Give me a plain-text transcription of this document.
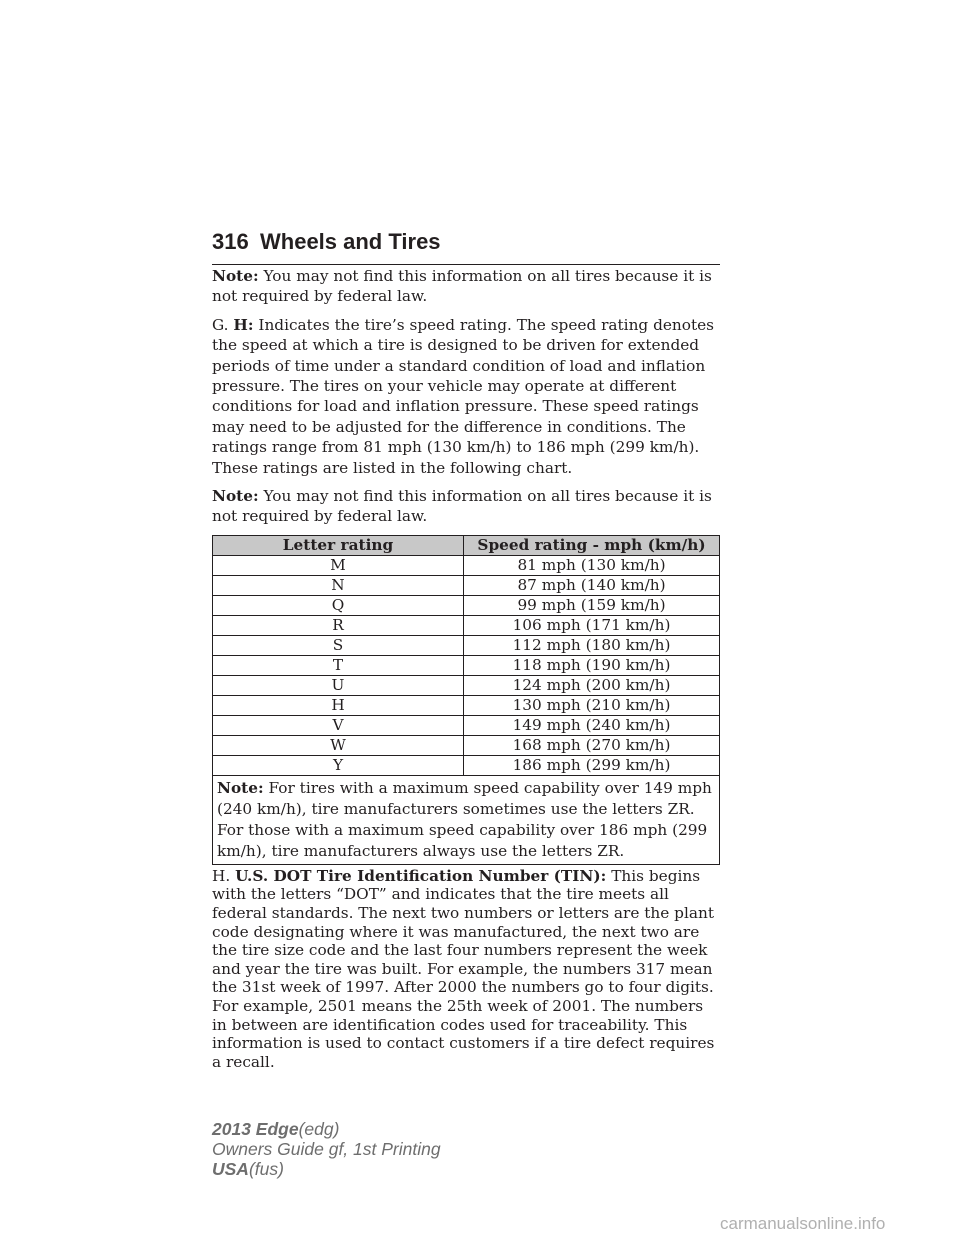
316 Wheels and Tires

Note: You may not find this information on all tires because it is not required by federal law.

G. H: Indicates the tire’s speed rating. The speed rating denotes the speed at which a tire is designed to be driven for extended periods of time under a standard condition of load and inflation pressure. The tires on your vehicle may operate at different conditions for load and inflation pressure. These speed ratings may need to be adjusted for the difference in conditions. The ratings range from 81 mph (130 km/h) to 186 mph (299 km/h). These ratings are listed in the following chart.

Note: You may not find this information on all tires because it is not required by federal law.

Letter rating	Speed rating - mph (km/h)
M	81 mph (130 km/h)
N	87 mph (140 km/h)
Q	99 mph (159 km/h)
R	106 mph (171 km/h)
S	112 mph (180 km/h)
T	118 mph (190 km/h)
U	124 mph (200 km/h)
H	130 mph (210 km/h)
V	149 mph (240 km/h)
W	168 mph (270 km/h)
Y	186 mph (299 km/h)
Note: For tires with a maximum speed capability over 149 mph (240 km/h), tire manufacturers sometimes use the letters ZR. For those with a maximum speed capability over 186 mph (299 km/h), tire manufacturers always use the letters ZR.	

H. U.S. DOT Tire Identification Number (TIN): This begins with the letters “DOT” and indicates that the tire meets all federal standards. The next two numbers or letters are the plant code designating where it was manufactured, the next two are the tire size code and the last four numbers represent the week and year the tire was built. For example, the numbers 317 mean the 31st week of 1997. After 2000 the numbers go to four digits. For example, 2501 means the 25th week of 2001. The numbers in between are identification codes used for traceability. This information is used to contact customers if a tire defect requires a recall.

2013 Edge(edg)
Owners Guide gf, 1st Printing
USA(fus)
carmanualsonline.info
